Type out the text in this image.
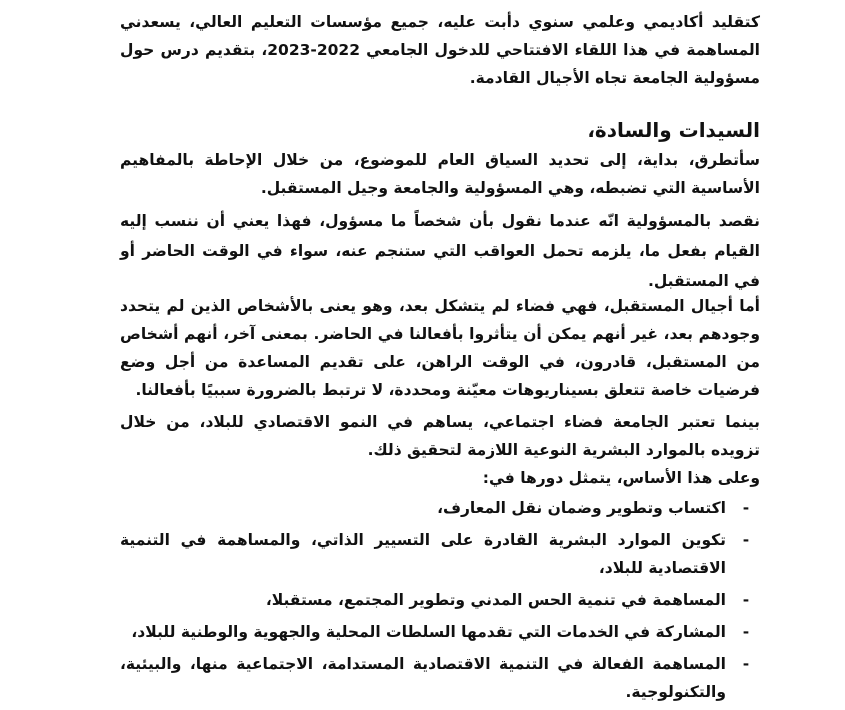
كتقليد أكاديمي وعلمي سنوي دأبت عليه، جميع مؤسسات التعليم العالي، يسعدني المساهمة في هذا اللقاء الافتتاحي للدخول الجامعي 2022-2023، بتقديم درس حول مسؤولية الجامعة تجاه الأجيال القادمة.

السيدات والسادة،

سأتطرق، بداية، إلى تحديد السياق العام للموضوع، من خلال الإحاطة بالمفاهيم الأساسية التي تضبطه، وهي المسؤولية والجامعة وجيل المستقبل.

نقصد بالمسؤولية انّه عندما نقول بأن شخصاً ما مسؤول، فهذا يعني أن ننسب إليه القيام بفعل ما، يلزمه تحمل العواقب التي ستنجم عنه، سواء في الوقت الحاضر أو في المستقبل.

أما أجيال المستقبل، فهي فضاء لم يتشكل بعد، وهو يعنى بالأشخاص الذين لم يتحدد وجودهم بعد، غير أنهم يمكن أن يتأثروا بأفعالنا في الحاضر. بمعنى آخر، أنهم أشخاص من المستقبل، قادرون، في الوقت الراهن، على تقديم المساعدة من أجل وضع فرضيات خاصة تتعلق بسيناريوهات معيّنة ومحددة، لا ترتبط بالضرورة سببيًا بأفعالنا.

بينما تعتبر الجامعة فضاء اجتماعي، يساهم في النمو الاقتصادي للبلاد، من خلال تزويده بالموارد البشرية النوعية اللازمة لتحقيق ذلك.

وعلى هذا الأساس، يتمثل دورها في:

-
اكتساب وتطوير وضمان نقل المعارف،
-
تكوين الموارد البشرية القادرة على التسيير الذاتي، والمساهمة في التنمية الاقتصادية للبلاد،
-
المساهمة في تنمية الحس المدني وتطوير المجتمع، مستقبلا،
-
المشاركة في الخدمات التي تقدمها السلطات المحلية والجهوية والوطنية للبلاد،
-
المساهمة الفعالة في التنمية الاقتصادية المستدامة، الاجتماعية منها، والبيئية، والتكنولوجية.
